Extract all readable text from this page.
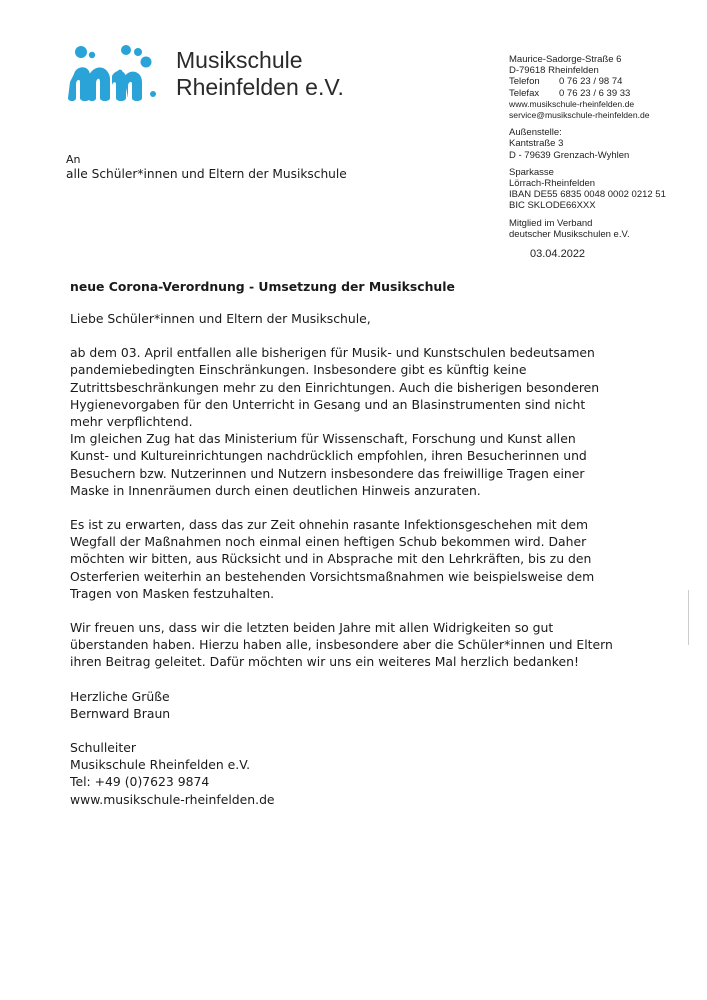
Musikschule
Rheinfelden e.V.
Maurice-Sadorge-Straße 6
D-79618 Rheinfelden
Telefon 0 76 23 / 98 74
Telefax 0 76 23 / 6 39 33
www.musikschule-rheinfelden.de
service@musikschule-rheinfelden.de
Außenstelle:
Kantstraße 3
D - 79639 Grenzach-Wyhlen
Sparkasse
Lörrach-Rheinfelden
IBAN DE55 6835 0048 0002 0212 51
BIC SKLODE66XXX
Mitglied im Verband
deutscher Musikschulen e.V.
03.04.2022
An
alle Schüler*innen und Eltern der Musikschule
neue Corona-Verordnung - Umsetzung der Musikschule
Liebe Schüler*innen und Eltern der Musikschule,

ab dem 03. April entfallen alle bisherigen für Musik- und Kunstschulen bedeutsamen
pandemiebedingten Einschränkungen. Insbesondere gibt es künftig keine
Zutrittsbeschränkungen mehr zu den Einrichtungen. Auch die bisherigen besonderen
Hygienevorgaben für den Unterricht in Gesang und an Blasinstrumenten sind nicht
mehr verpflichtend.
Im gleichen Zug hat das Ministerium für Wissenschaft, Forschung und Kunst allen
Kunst- und Kultureinrichtungen nachdrücklich empfohlen, ihren Besucherinnen und
Besuchern bzw. Nutzerinnen und Nutzern insbesondere das freiwillige Tragen einer
Maske in Innenräumen durch einen deutlichen Hinweis anzuraten.

Es ist zu erwarten, dass das zur Zeit ohnehin rasante Infektionsgeschehen mit dem
Wegfall der Maßnahmen noch einmal einen heftigen Schub bekommen wird. Daher
möchten wir bitten, aus Rücksicht und in Absprache mit den Lehrkräften, bis zu den
Osterferien weiterhin an bestehenden Vorsichtsmaßnahmen wie beispielsweise dem
Tragen von Masken festzuhalten.

Wir freuen uns, dass wir die letzten beiden Jahre mit allen Widrigkeiten so gut
überstanden haben. Hierzu haben alle, insbesondere aber die Schüler*innen und Eltern
ihren Beitrag geleitet. Dafür möchten wir uns ein weiteres Mal herzlich bedanken!

Herzliche Grüße
Bernward Braun
Schulleiter
Musikschule Rheinfelden e.V.
Tel: +49 (0)7623 9874
www.musikschule-rheinfelden.de
